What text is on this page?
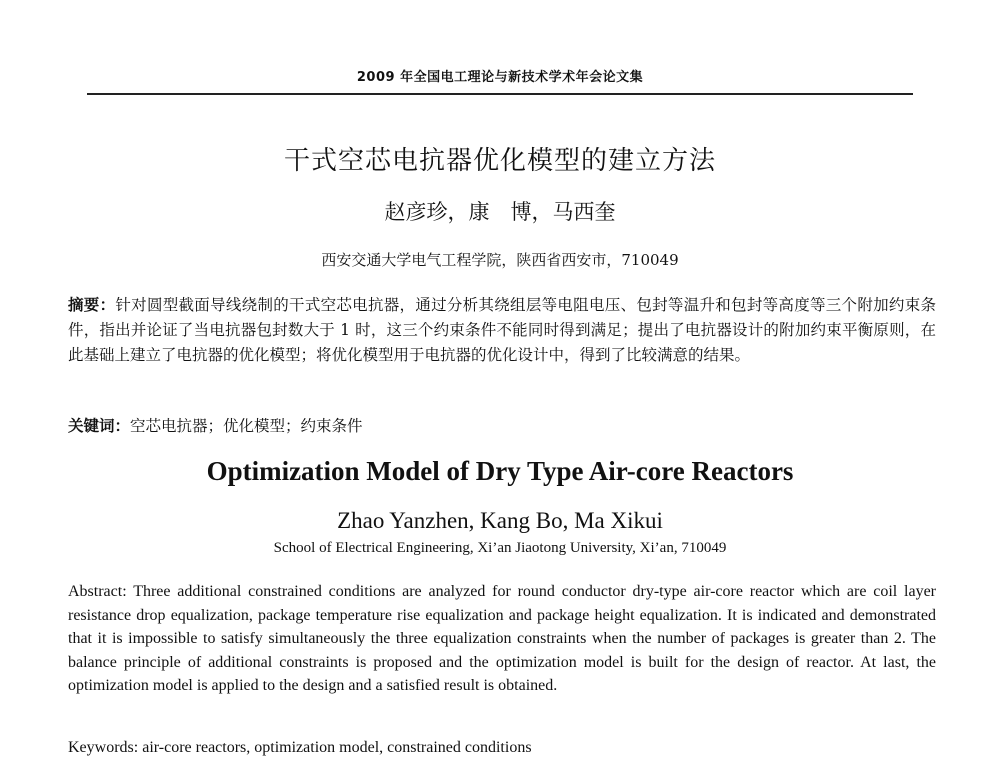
2009 年全国电工理论与新技术学术年会论文集
干式空芯电抗器优化模型的建立方法
赵彦珍，康　博，马西奎
西安交通大学电气工程学院，陕西省西安市，710049
摘要：针对圆型截面导线绕制的干式空芯电抗器，通过分析其绕组层等电阻电压、包封等温升和包封等高度等三个附加约束条件，指出并论证了当电抗器包封数大于 1 时，这三个约束条件不能同时得到满足；提出了电抗器设计的附加约束平衡原则，在此基础上建立了电抗器的优化模型；将优化模型用于电抗器的优化设计中，得到了比较满意的结果。
关键词：空芯电抗器；优化模型；约束条件
Optimization Model of Dry Type Air-core Reactors
Zhao Yanzhen, Kang Bo, Ma Xikui
School of Electrical Engineering, Xi’an Jiaotong University, Xi’an, 710049
Abstract: Three additional constrained conditions are analyzed for round conductor dry-type air-core reactor which are coil layer resistance drop equalization, package temperature rise equalization and package height equalization. It is indicated and demonstrated that it is impossible to satisfy simultaneously the three equalization constraints when the number of packages is greater than 2. The balance principle of additional constraints is proposed and the optimization model is built for the design of reactor. At last, the optimization model is applied to the design and a satisfied result is obtained.
Keywords: air-core reactors, optimization model, constrained conditions
